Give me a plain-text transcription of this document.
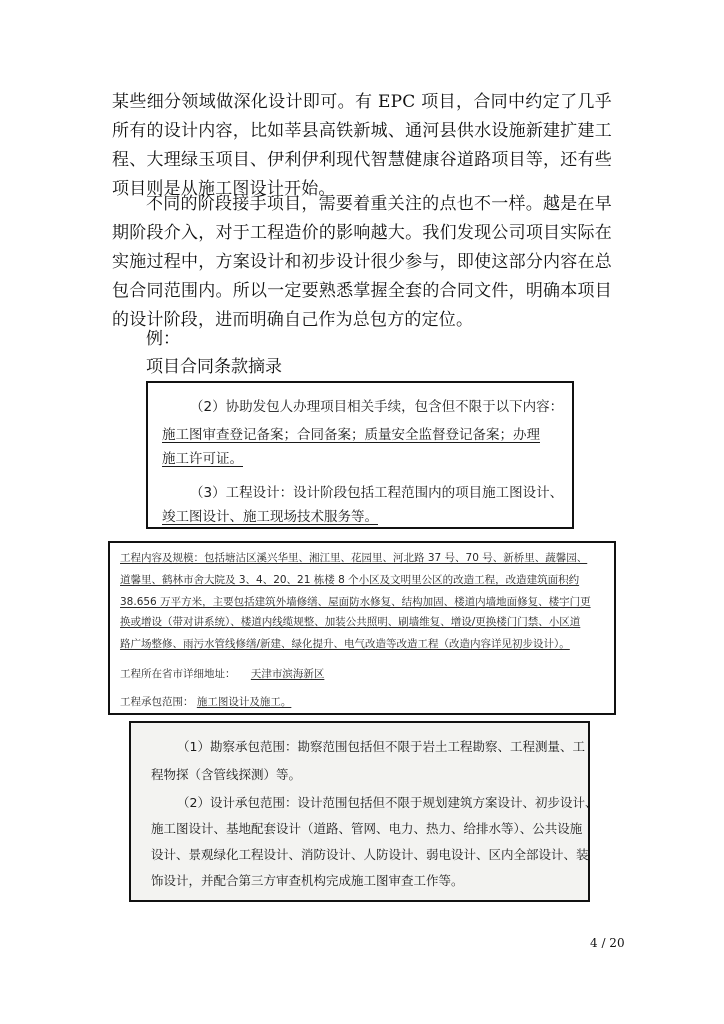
某些细分领域做深化设计即可。有 EPC 项目，合同中约定了几乎所有的设计内容，比如莘县高铁新城、通河县供水设施新建扩建工程、大理绿玉项目、伊利伊利现代智慧健康谷道路项目等，还有些项目则是从施工图设计开始。

不同的阶段接手项目，需要着重关注的点也不一样。越是在早期阶段介入，对于工程造价的影响越大。我们发现公司项目实际在实施过程中，方案设计和初步设计很少参与，即使这部分内容在总包合同范围内。所以一定要熟悉掌握全套的合同文件，明确本项目的设计阶段，进而明确自己作为总包方的定位。

例：

项目合同条款摘录

（2）协助发包人办理项目相关手续，包含但不限于以下内容：
施工图审查登记备案；合同备案；质量安全监督登记备案；办理
施工许可证。
（3）工程设计：设计阶段包括工程范围内的项目施工图设计、
竣工图设计、施工现场技术服务等。
工程内容及规模：包括塘沽区溪兴华里、湘江里、花园里、河北路 37 号、70 号、新桥里、蔬馨园、
道馨里、鹤林市舍大院及 3、4、20、21 栋楼 8 个小区及文明里公区的改造工程，改造建筑面积约
38.656 万平方米，主要包括建筑外墙修缮、屋面防水修复、结构加固、楼道内墙地面修复、楼宇门更
换或增设（带对讲系统）、楼道内线缆规整、加装公共照明、刷墙维复、增设/更换楼门门禁、小区道
路广场整修、雨污水管线修缮/新建、绿化提升、电气改造等改造工程（改造内容详见初步设计）。
工程所在省市详细地址： 天津市滨海新区
工程承包范围： 施工图设计及施工。
（1）勘察承包范围：勘察范围包括但不限于岩土工程勘察、工程测量、工
程物探（含管线探测）等。
（2）设计承包范围：设计范围包括但不限于规划建筑方案设计、初步设计、
施工图设计、基地配套设计（道路、管网、电力、热力、给排水等）、公共设施
设计、景观绿化工程设计、消防设计、人防设计、弱电设计、区内全部设计、装
饰设计，并配合第三方审查机构完成施工图审查工作等。
4 / 20
